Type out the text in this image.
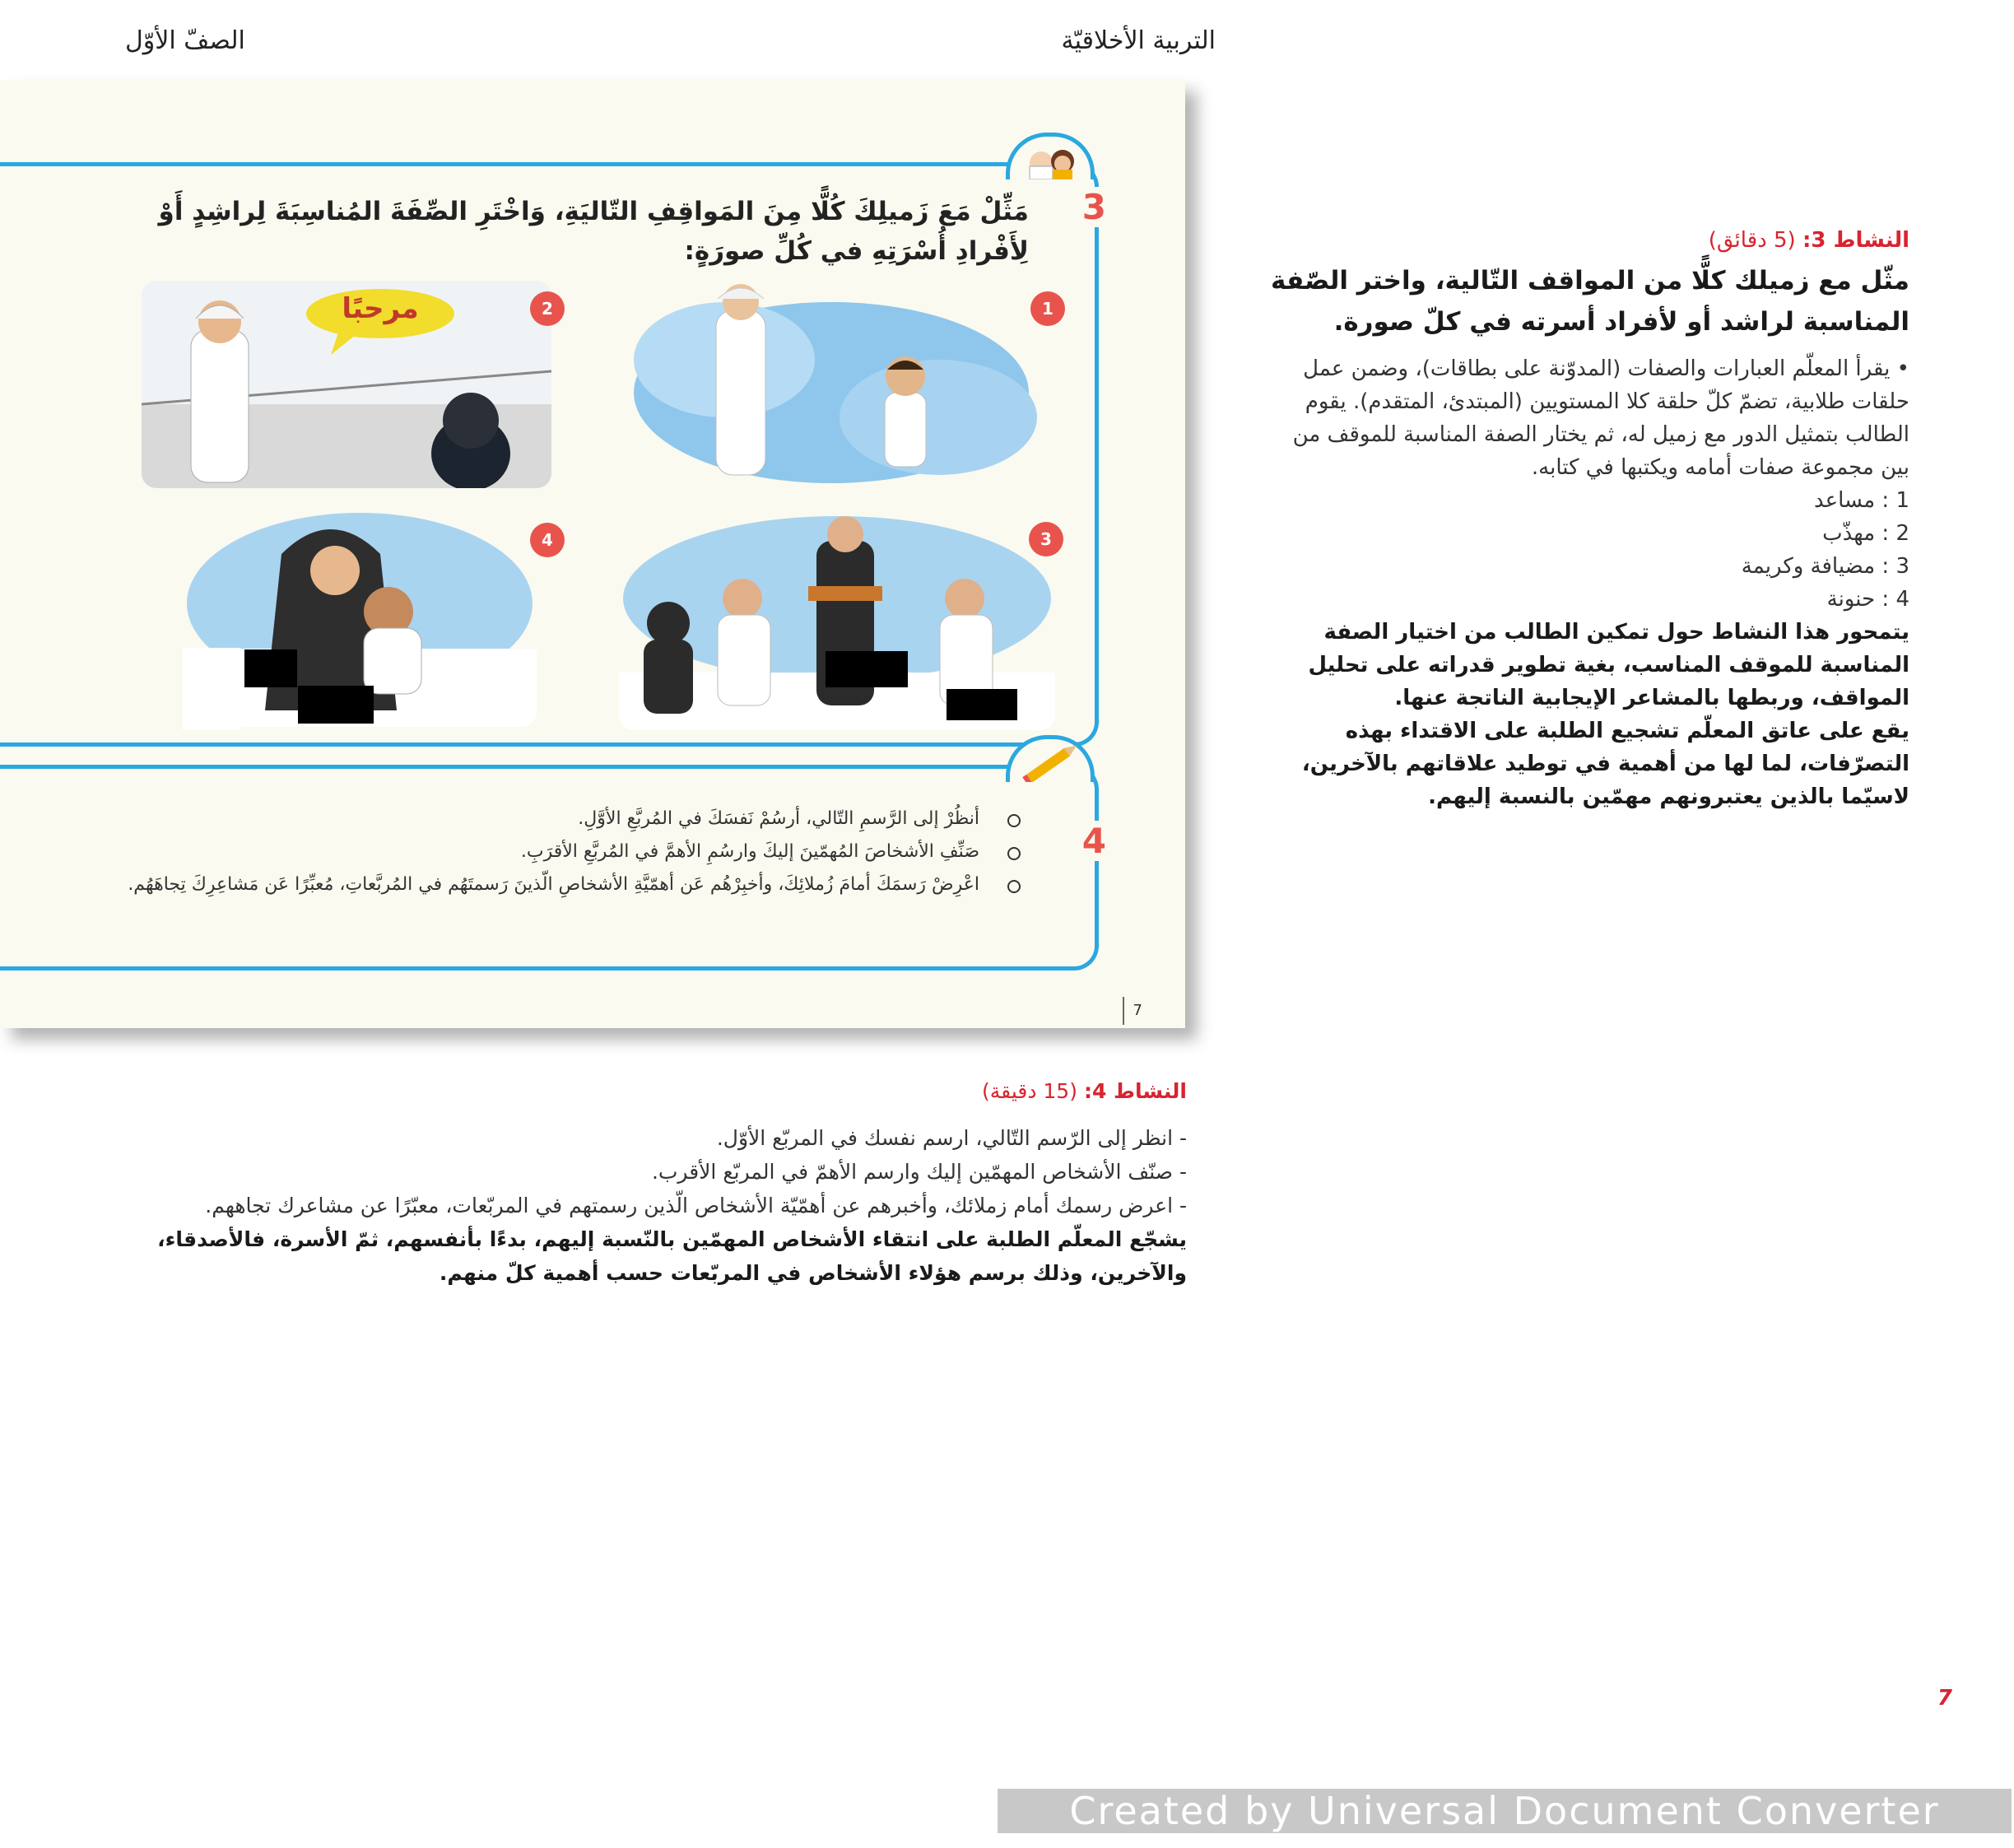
التربية الأخلاقيّة
الصفّ الأوّل
3
مَثِّلْ مَعَ زَميلِكَ كُلًّا مِنَ المَواقِفِ التّاليَةِ، وَاخْتَرِ الصِّفَةَ المُناسِبَةَ لِراشِدٍ أَوْ لِأَفْرادِ أُسْرَتِهِ في كُلِّ صورَةٍ:
1
مرحبًا	2
3
4
4
أنظُرْ إلى الرَّسمِ التّالي، أرسُمْ نَفسَكَ في المُربَّعِ الأوَّلِ.
صَنِّفِ الأشخاصَ المُهمّينَ إليكَ وارسُمِ الأهمَّ في المُربَّعِ الأقرَبِ.
اعْرِضْ رَسمَكَ أمامَ زُملائِكَ، وأخبِرْهُم عَن أهمّيَّةِ الأشخاصِ الّذينَ رَسمتَهُم في المُربَّعاتِ، مُعبِّرًا عَن مَشاعِرِكَ تِجاهَهُم.
7
النشاط 3: (5 دقائق)
مثّل مع زميلك كلًّا من المواقف التّالية، واختر الصّفة المناسبة لراشد أو لأفراد أسرته في كلّ صورة.
• يقرأ المعلّم العبارات والصفات (المدوّنة على بطاقات)، وضمن عمل حلقات طلابية، تضمّ كلّ حلقة كلا المستويين (المبتدئ، المتقدم). يقوم الطالب بتمثيل الدور مع زميل له، ثم يختار الصفة المناسبة للموقف من بين مجموعة صفات أمامه ويكتبها في كتابه.
1 : مساعد
2 : مهذّب
3 : مضيافة وكريمة
4 : حنونة
يتمحور هذا النشاط حول تمكين الطالب من اختيار الصفة المناسبة للموقف المناسب، بغية تطوير قدراته على تحليل المواقف، وربطها بالمشاعر الإيجابية الناتجة عنها.
يقع على عاتق المعلّم تشجيع الطلبة على الاقتداء بهذه التصرّفات، لما لها من أهمية في توطيد علاقاتهم بالآخرين، لاسيّما بالذين يعتبرونهم مهمّين بالنسبة إليهم.
النشاط 4: (15 دقيقة)
- انظر إلى الرّسم التّالي، ارسم نفسك في المربّع الأوّل.
- صنّف الأشخاص المهمّين إليك وارسم الأهمّ في المربّع الأقرب.
- اعرض رسمك أمام زملائك، وأخبرهم عن أهمّيّة الأشخاص الّذين رسمتهم في المربّعات، معبّرًا عن مشاعرك تجاههم.
يشجّع المعلّم الطلبة على انتقاء الأشخاص المهمّين بالنّسبة إليهم، بدءًا بأنفسهم، ثمّ الأسرة، فالأصدقاء، والآخرين، وذلك برسم هؤلاء الأشخاص في المربّعات حسب أهمية كلّ منهم.
7
Created by Universal Document Converter
